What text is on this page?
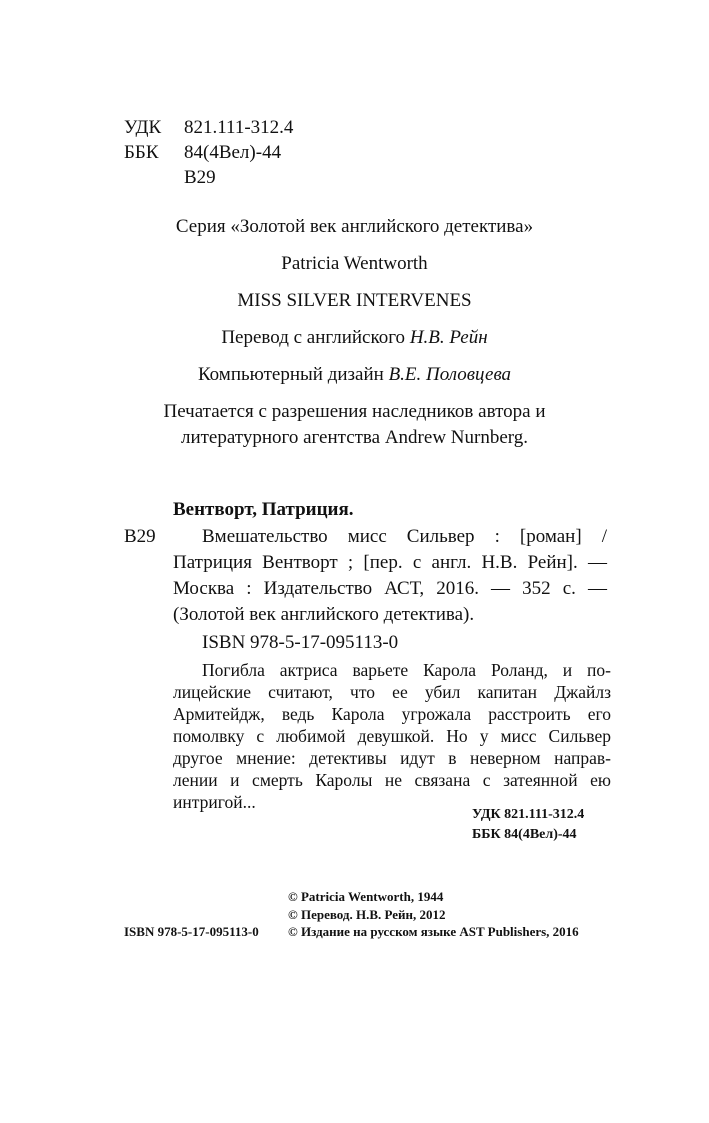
УДК 821.111-312.4
ББК 84(4Вел)-44
В29
Серия «Золотой век английского детектива»
Patricia Wentworth
MISS SILVER INTERVENES
Перевод с английского Н.В. Рейн
Компьютерный дизайн В.Е. Половцева
Печатается с разрешения наследников автора и
литературного агентства Andrew Nurnberg.
Вентворт, Патриция.
В29 Вмешательство мисс Сильвер : [роман] /
Патриция Вентворт ; [пер. с англ. Н.В. Рейн]. —
Москва : Издательство АСТ, 2016. — 352 с. —
(Золотой век английского детектива).
ISBN 978-5-17-095113-0
Погибла актриса варьете Карола Роланд, и по-
лицейские считают, что ее убил капитан Джайлз
Армитейдж, ведь Карола угрожала расстроить его
помолвку с любимой девушкой. Но у мисс Сильвер
другое мнение: детективы идут в неверном направ-
лении и смерть Каролы не связана с затеянной ею
интригой...
УДК 821.111-312.4
ББК 84(4Вел)-44
© Patricia Wentworth, 1944
© Перевод. Н.В. Рейн, 2012
ISBN 978-5-17-095113-0 © Издание на русском языке AST Publishers, 2016
